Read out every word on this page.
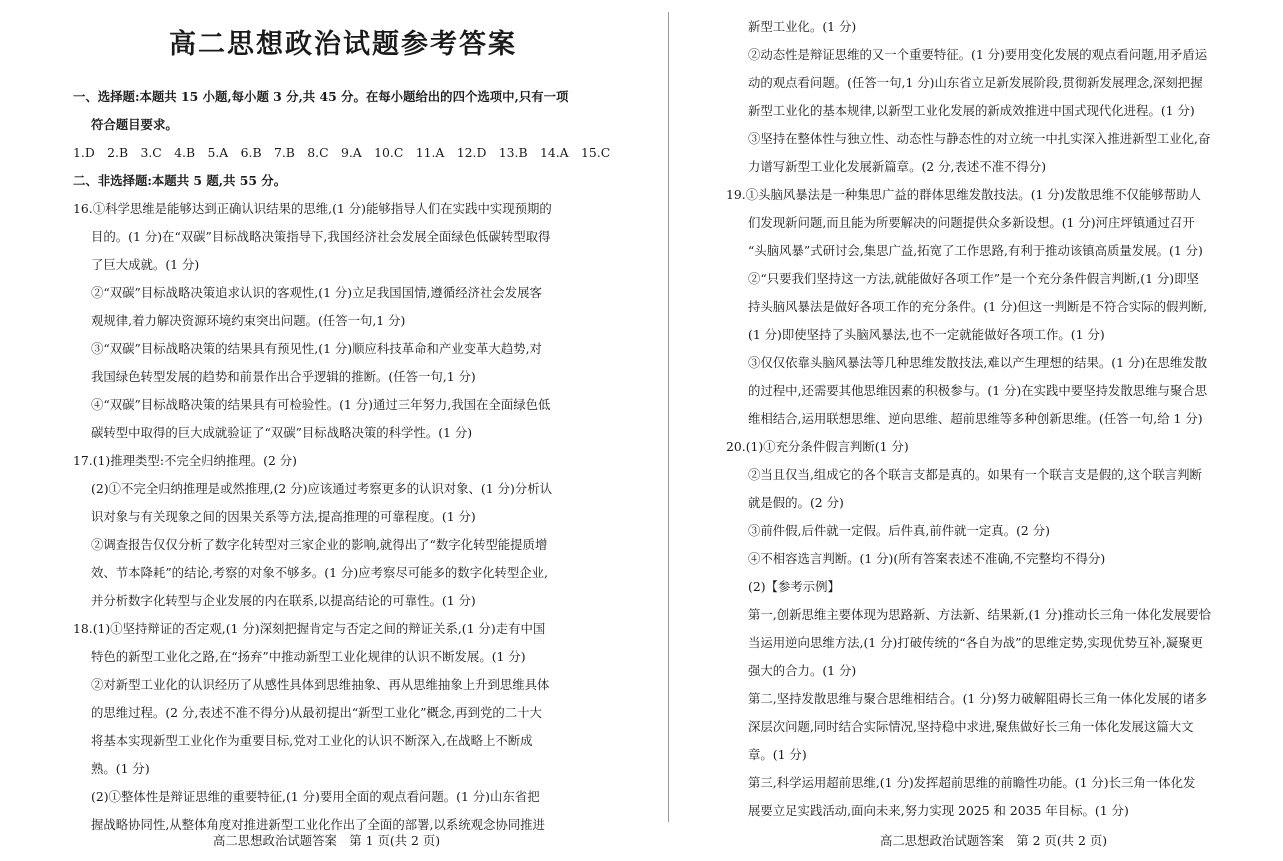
高二思想政治试题参考答案
一、选择题:本题共 15 小题,每小题 3 分,共 45 分。在每小题给出的四个选项中,只有一项
符合题目要求。
1.D　2.B　3.C　4.B　5.A　6.B　7.B　8.C　9.A　10.C　11.A　12.D　13.B　14.A　15.C
二、非选择题:本题共 5 题,共 55 分。
16.①科学思维是能够达到正确认识结果的思维,(1 分)能够指导人们在实践中实现预期的
目的。(1 分)在“双碳”目标战略决策指导下,我国经济社会发展全面绿色低碳转型取得
了巨大成就。(1 分)
②“双碳”目标战略决策追求认识的客观性,(1 分)立足我国国情,遵循经济社会发展客
观规律,着力解决资源环境约束突出问题。(任答一句,1 分)
③“双碳”目标战略决策的结果具有预见性,(1 分)顺应科技革命和产业变革大趋势,对
我国绿色转型发展的趋势和前景作出合乎逻辑的推断。(任答一句,1 分)
④“双碳”目标战略决策的结果具有可检验性。(1 分)通过三年努力,我国在全面绿色低
碳转型中取得的巨大成就验证了“双碳”目标战略决策的科学性。(1 分)
17.(1)推理类型:不完全归纳推理。(2 分)
(2)①不完全归纳推理是或然推理,(2 分)应该通过考察更多的认识对象、(1 分)分析认
识对象与有关现象之间的因果关系等方法,提高推理的可靠程度。(1 分)
②调查报告仅仅分析了数字化转型对三家企业的影响,就得出了“数字化转型能提质增
效、节本降耗”的结论,考察的对象不够多。(1 分)应考察尽可能多的数字化转型企业,
并分析数字化转型与企业发展的内在联系,以提高结论的可靠性。(1 分)
18.(1)①坚持辩证的否定观,(1 分)深刻把握肯定与否定之间的辩证关系,(1 分)走有中国
特色的新型工业化之路,在“扬弃”中推动新型工业化规律的认识不断发展。(1 分)
②对新型工业化的认识经历了从感性具体到思维抽象、再从思维抽象上升到思维具体
的思维过程。(2 分,表述不准不得分)从最初提出“新型工业化”概念,再到党的二十大
将基本实现新型工业化作为重要目标,党对工业化的认识不断深入,在战略上不断成
熟。(1 分)
(2)①整体性是辩证思维的重要特征,(1 分)要用全面的观点看问题。(1 分)山东省把
握战略协同性,从整体角度对推进新型工业化作出了全面的部署,以系统观念协同推进
高二思想政治试题答案　第 1 页(共 2 页)
新型工业化。(1 分)
②动态性是辩证思维的又一个重要特征。(1 分)要用变化发展的观点看问题,用矛盾运
动的观点看问题。(任答一句,1 分)山东省立足新发展阶段,贯彻新发展理念,深刻把握
新型工业化的基本规律,以新型工业化发展的新成效推进中国式现代化进程。(1 分)
③坚持在整体性与独立性、动态性与静态性的对立统一中扎实深入推进新型工业化,奋
力谱写新型工业化发展新篇章。(2 分,表述不准不得分)
19.①头脑风暴法是一种集思广益的群体思维发散技法。(1 分)发散思维不仅能够帮助人
们发现新问题,而且能为所要解决的问题提供众多新设想。(1 分)河庄坪镇通过召开
“头脑风暴”式研讨会,集思广益,拓宽了工作思路,有利于推动该镇高质量发展。(1 分)
②“只要我们坚持这一方法,就能做好各项工作”是一个充分条件假言判断,(1 分)即坚
持头脑风暴法是做好各项工作的充分条件。(1 分)但这一判断是不符合实际的假判断,
(1 分)即使坚持了头脑风暴法,也不一定就能做好各项工作。(1 分)
③仅仅依靠头脑风暴法等几种思维发散技法,难以产生理想的结果。(1 分)在思维发散
的过程中,还需要其他思维因素的积极参与。(1 分)在实践中要坚持发散思维与聚合思
维相结合,运用联想思维、逆向思维、超前思维等多种创新思维。(任答一句,给 1 分)
20.(1)①充分条件假言判断(1 分)
②当且仅当,组成它的各个联言支都是真的。如果有一个联言支是假的,这个联言判断
就是假的。(2 分)
③前件假,后件就一定假。后件真,前件就一定真。(2 分)
④不相容选言判断。(1 分)(所有答案表述不准确,不完整均不得分)
(2)【参考示例】
第一,创新思维主要体现为思路新、方法新、结果新,(1 分)推动长三角一体化发展要恰
当运用逆向思维方法,(1 分)打破传统的“各自为战”的思维定势,实现优势互补,凝聚更
强大的合力。(1 分)
第二,坚持发散思维与聚合思维相结合。(1 分)努力破解阻碍长三角一体化发展的诸多
深层次问题,同时结合实际情况,坚持稳中求进,聚焦做好长三角一体化发展这篇大文
章。(1 分)
第三,科学运用超前思维,(1 分)发挥超前思维的前瞻性功能。(1 分)长三角一体化发
展要立足实践活动,面向未来,努力实现 2025 和 2035 年目标。(1 分)
高二思想政治试题答案　第 2 页(共 2 页)
